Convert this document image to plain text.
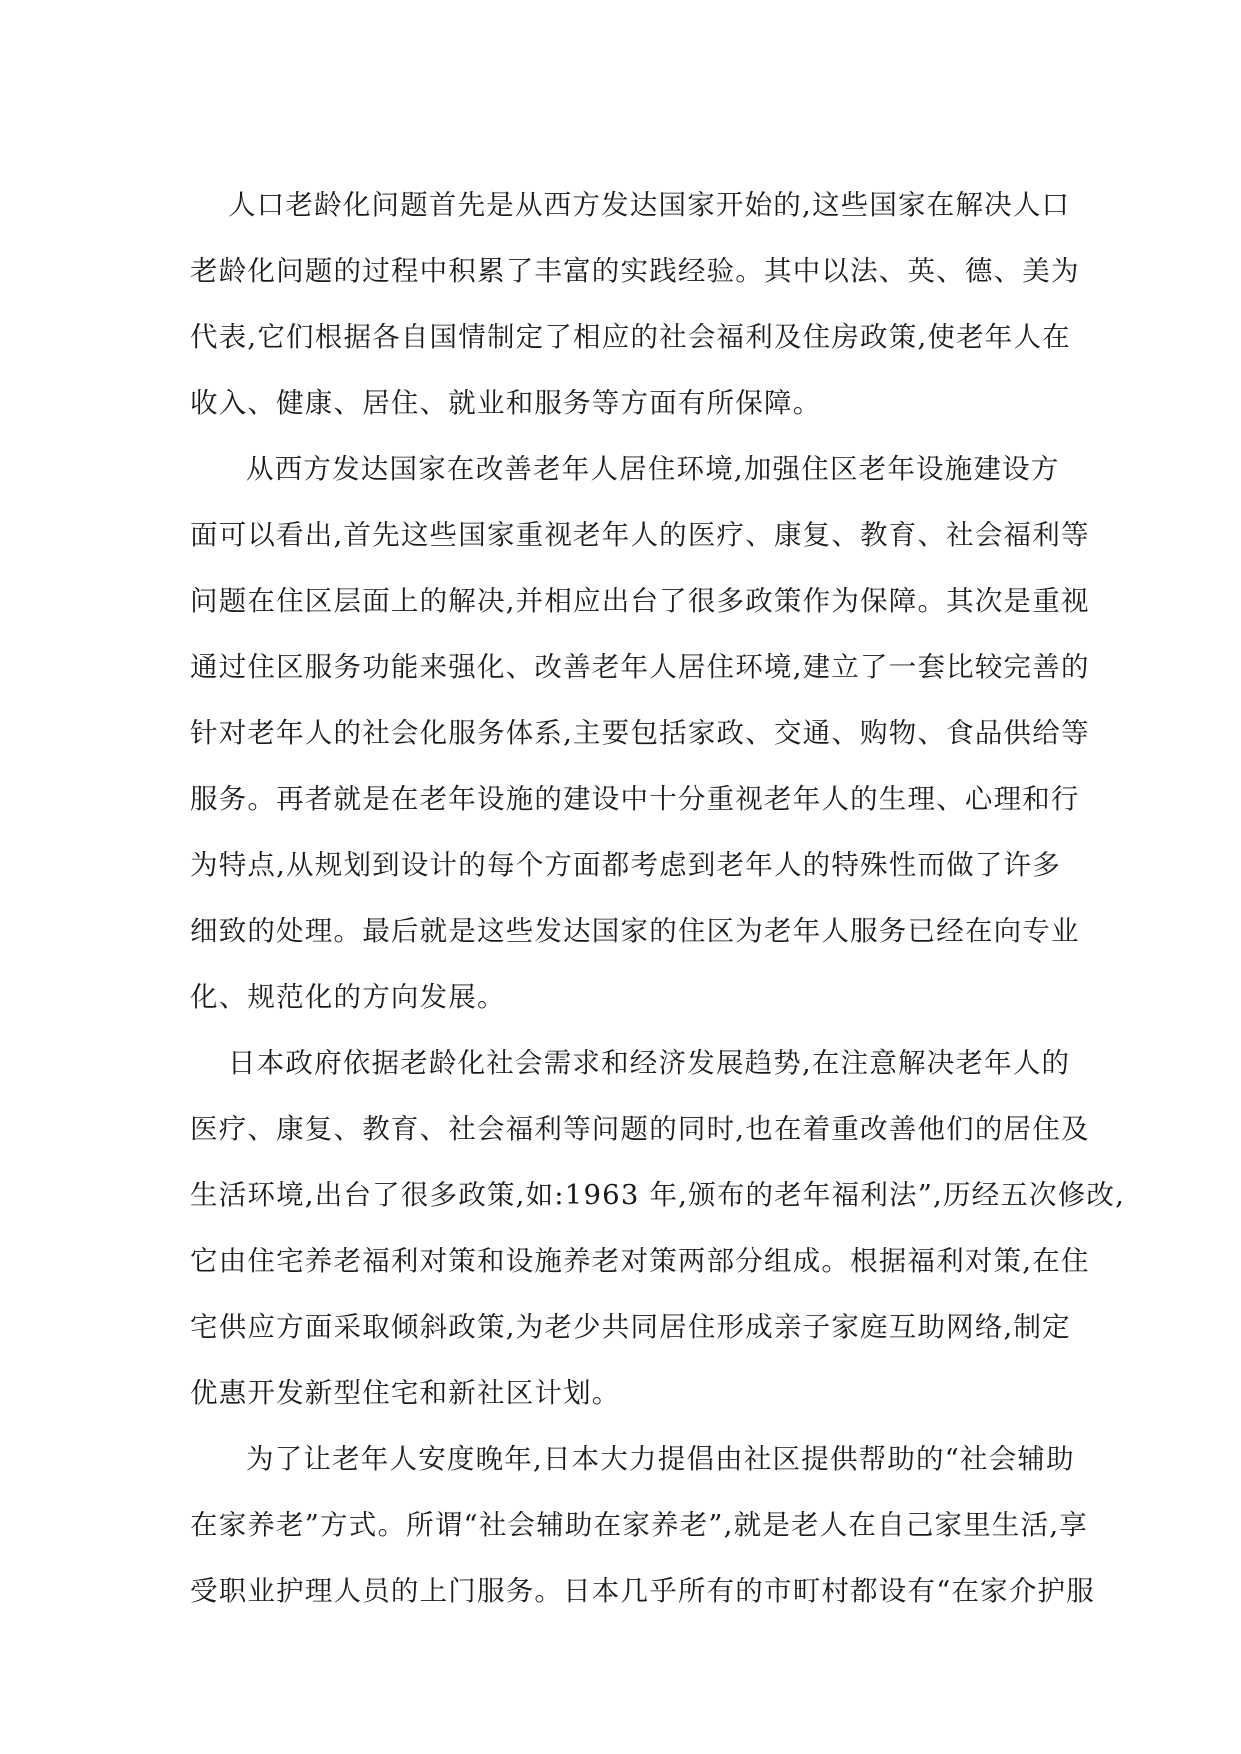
人口老龄化问题首先是从西方发达国家开始的,这些国家在解决人口
老龄化问题的过程中积累了丰富的实践经验。其中以法、英、德、美为
代表,它们根据各自国情制定了相应的社会福利及住房政策,使老年人在
收入、健康、居住、就业和服务等方面有所保障。
从西方发达国家在改善老年人居住环境,加强住区老年设施建设方
面可以看出,首先这些国家重视老年人的医疗、康复、教育、社会福利等
问题在住区层面上的解决,并相应出台了很多政策作为保障。其次是重视
通过住区服务功能来强化、改善老年人居住环境,建立了一套比较完善的
针对老年人的社会化服务体系,主要包括家政、交通、购物、食品供给等
服务。再者就是在老年设施的建设中十分重视老年人的生理、心理和行
为特点,从规划到设计的每个方面都考虑到老年人的特殊性而做了许多
细致的处理。最后就是这些发达国家的住区为老年人服务已经在向专业
化、规范化的方向发展。
日本政府依据老龄化社会需求和经济发展趋势,在注意解决老年人的
医疗、康复、教育、社会福利等问题的同时,也在着重改善他们的居住及
生活环境,出台了很多政策,如:1963 年,颁布的老年福利法”,历经五次修改,
它由住宅养老福利对策和设施养老对策两部分组成。根据福利对策,在住
宅供应方面采取倾斜政策,为老少共同居住形成亲子家庭互助网络,制定
优惠开发新型住宅和新社区计划。
为了让老年人安度晚年,日本大力提倡由社区提供帮助的“社会辅助
在家养老”方式。所谓“社会辅助在家养老”,就是老人在自己家里生活,享
受职业护理人员的上门服务。日本几乎所有的市町村都设有“在家介护服
